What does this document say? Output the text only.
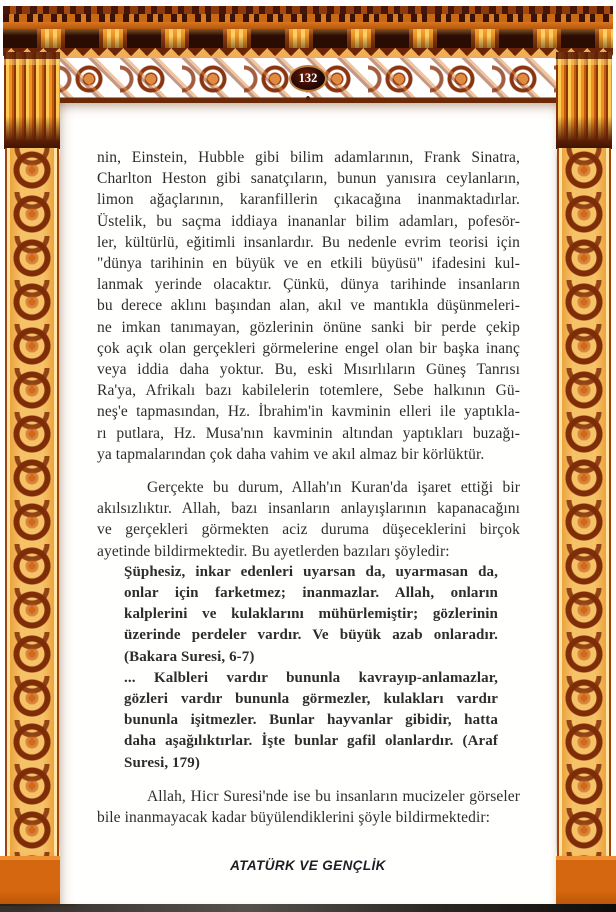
132
nin, Einstein, Hubble gibi bilim adamlarının, Frank Sinatra,
Charlton Heston gibi sanatçıların, bunun yanısıra ceylanların,
limon ağaçlarının, karanfillerin çıkacağına inanmaktadırlar.
Üstelik, bu saçma iddiaya inananlar bilim adamları, pofesör-
ler, kültürlü, eğitimli insanlardır. Bu nedenle evrim teorisi için
"dünya tarihinin en büyük ve en etkili büyüsü" ifadesini kul-
lanmak yerinde olacaktır. Çünkü, dünya tarihinde insanların
bu derece aklını başından alan, akıl ve mantıkla düşünmeleri-
ne imkan tanımayan, gözlerinin önüne sanki bir perde çekip
çok açık olan gerçekleri görmelerine engel olan bir başka inanç
veya iddia daha yoktur. Bu, eski Mısırlıların Güneş Tanrısı
Ra'ya, Afrikalı bazı kabilelerin totemlere, Sebe halkının Gü-
neş'e tapmasından, Hz. İbrahim'in kavminin elleri ile yaptıkla-
rı putlara, Hz. Musa'nın kavminin altından yaptıkları buzağı-
ya tapmalarından çok daha vahim ve akıl almaz bir körlüktür.
Gerçekte bu durum, Allah'ın Kuran'da işaret ettiği bir
akılsızlıktır. Allah, bazı insanların anlayışlarının kapanacağını
ve gerçekleri görmekten aciz duruma düşeceklerini birçok
ayetinde bildirmektedir. Bu ayetlerden bazıları şöyledir:
Şüphesiz, inkar edenleri uyarsan da, uyarmasan da,
onlar için farketmez; inanmazlar. Allah, onların
kalplerini ve kulaklarını mühürlemiştir; gözlerinin
üzerinde perdeler vardır. Ve büyük azab onlaradır.
(Bakara Suresi, 6-7)
... Kalbleri vardır bununla kavrayıp-anlamazlar,
gözleri vardır bununla görmezler, kulakları vardır
bununla işitmezler. Bunlar hayvanlar gibidir, hatta
daha aşağılıktırlar. İşte bunlar gafil olanlardır. (Araf
Suresi, 179)
Allah, Hicr Suresi'nde ise bu insanların mucizeler görseler
bile inanmayacak kadar büyülendiklerini şöyle bildirmektedir:
ATATÜRK VE GENÇLİK
